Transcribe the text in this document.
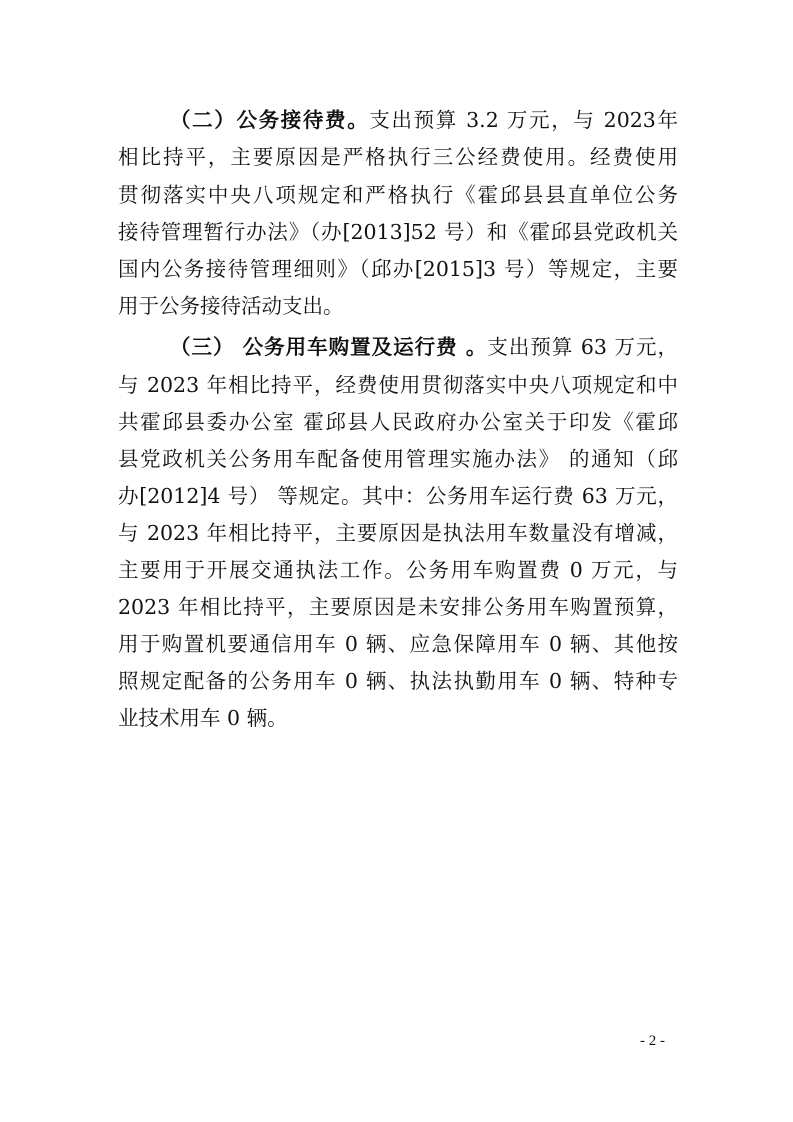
（二）公务接待费。支出预算 3.2 万元，与 2023年
相比持平，主要原因是严格执行三公经费使用。经费使用
贯彻落实中央八项规定和严格执行《霍邱县县直单位公务
接待管理暂行办法》（办[2013]52 号）和《霍邱县党政机关
国内公务接待管理细则》（邱办[2015]3 号）等规定，主要
用于公务接待活动支出。
（三） 公务用车购置及运行费 。支出预算 63 万元，
与 2023 年相比持平，经费使用贯彻落实中央八项规定和中
共霍邱县委办公室 霍邱县人民政府办公室关于印发《霍邱
县党政机关公务用车配备使用管理实施办法》 的通知（邱
办[2012]4 号） 等规定。其中：公务用车运行费 63 万元，
与 2023 年相比持平，主要原因是执法用车数量没有增减，
主要用于开展交通执法工作。公务用车购置费 0 万元，与
2023 年相比持平，主要原因是未安排公务用车购置预算，
用于购置机要通信用车 0 辆、应急保障用车 0 辆、其他按
照规定配备的公务用车 0 辆、执法执勤用车 0 辆、特种专
业技术用车 0 辆。
- 2 -
